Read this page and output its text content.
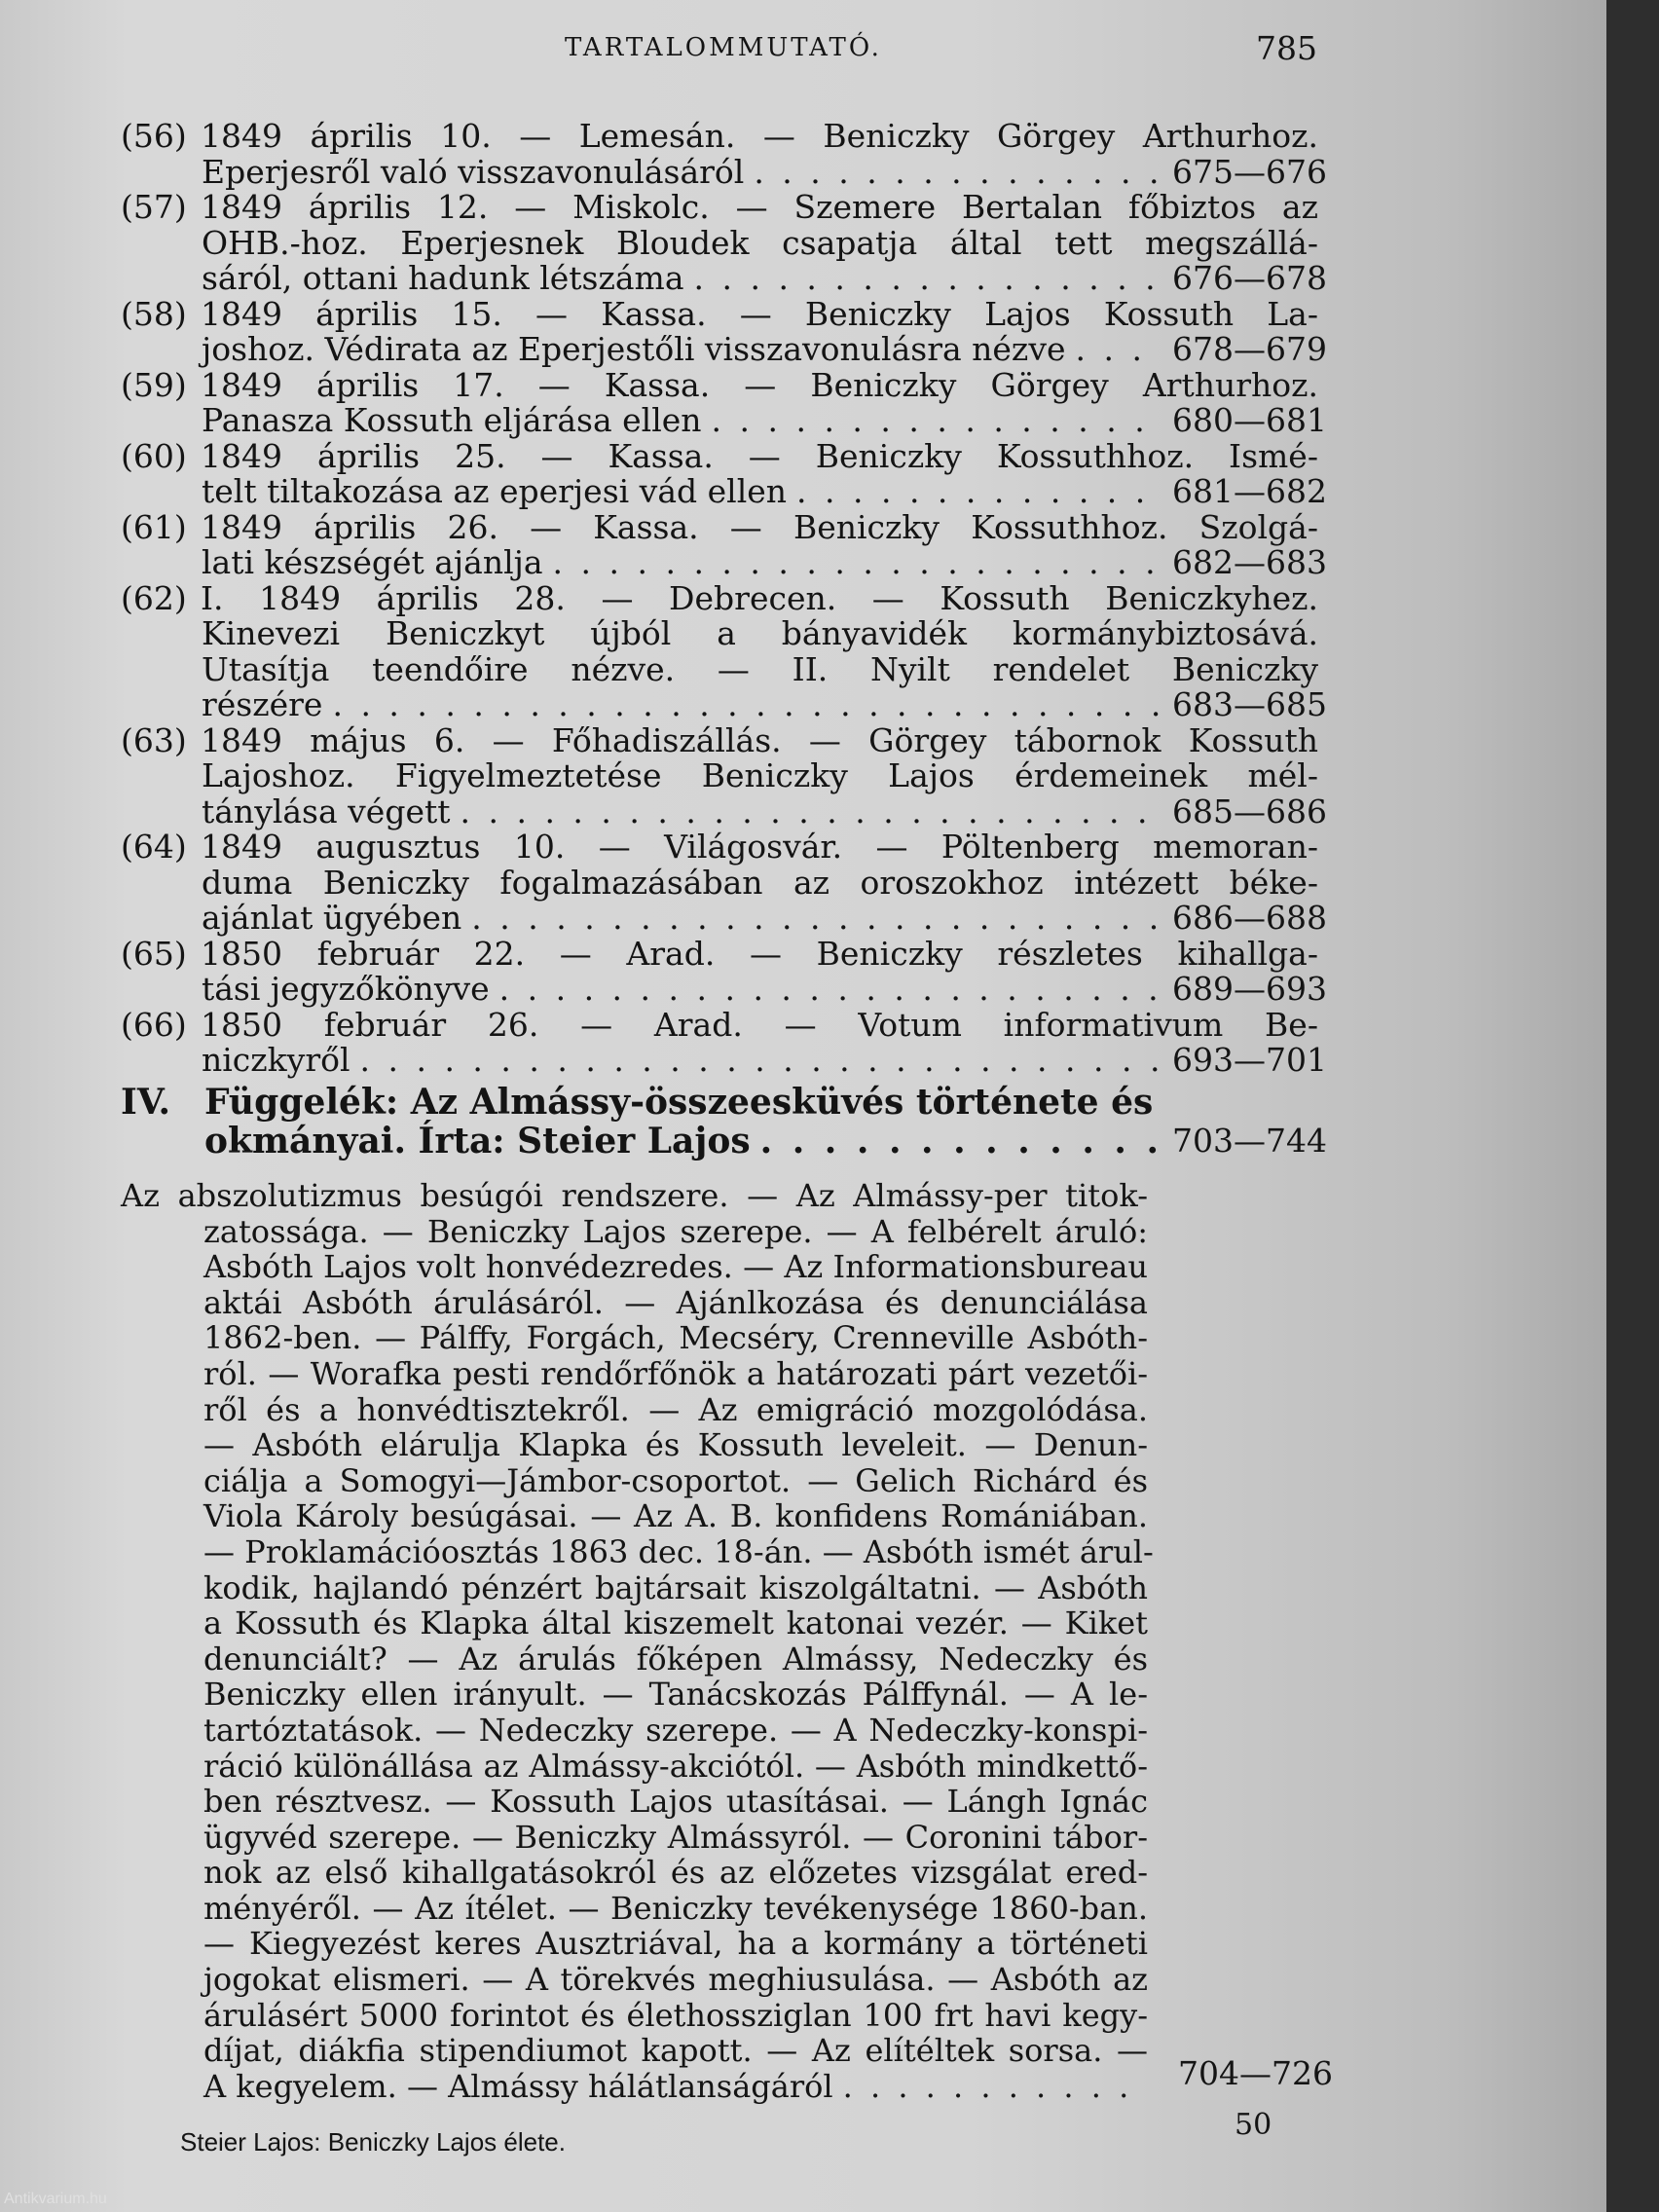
TARTALOMMUTATÓ.	785
(56) 1849 április 10. — Lemesán. — Beniczky Görgey Arthurhoz.
Eperjesről való visszavonulásáról . . .	675—676
(57) 1849 április 12. — Miskolc. — Szemere Bertalan főbiztos az
OHB.-hoz. Eperjesnek Bloudek csapatja által tett megszállá-
sáról, ottani hadunk létszáma . . .	676—678
(58) 1849 április 15. — Kassa. — Beniczky Lajos Kossuth La-
joshoz. Védirata az Eperjestőli visszavonulásra nézve . . .	678—679
(59) 1849 április 17. — Kassa. — Beniczky Görgey Arthurhoz.
Panasza Kossuth eljárása ellen . . .	680—681
(60) 1849 április 25. — Kassa. — Beniczky Kossuthhoz. Ismé-
telt tiltakozása az eperjesi vád ellen . . .	681—682
(61) 1849 április 26. — Kassa. — Beniczky Kossuthhoz. Szolgá-
lati készségét ajánlja . . .	682—683
(62) I. 1849 április 28. — Debrecen. — Kossuth Beniczkyhez.
Kinevezi Beniczkyt újból a bányavidék kormánybiztosává.
Utasítja teendőire nézve. — II. Nyilt rendelet Beniczky
részére . . .	683—685
(63) 1849 május 6. — Főhadiszállás. — Görgey tábornok Kossuth
Lajoshoz. Figyelmeztetése Beniczky Lajos érdemeinek mél-
tánylása végett . . .	685—686
(64) 1849 augusztus 10. — Világosvár. — Pöltenberg memoran-
duma Beniczky fogalmazásában az oroszokhoz intézett béke-
ajánlat ügyében . . .	686—688
(65) 1850 február 22. — Arad. — Beniczky részletes kihallga-
tási jegyzőkönyve . . .	689—693
(66) 1850 február 26. — Arad. — Votum informativum Be-
niczkyről . . .	693—701
IV. Függelék: Az Almássy-összeesküvés története és
okmányai. Írta: Steier Lajos . . .	703—744
Az abszolutizmus besúgói rendszere. — Az Almássy-per titok-
zatossága. — Beniczky Lajos szerepe. — A felbérelt áruló:
Asbóth Lajos volt honvédezredes. — Az Informationsbureau
aktái Asbóth árulásáról. — Ajánlkozása és denunciálása
1862-ben. — Pálffy, Forgách, Mecséry, Crenneville Asbóth-
ról. — Worafka pesti rendőrfőnök a határozati párt vezetői-
ről és a honvédtisztekről. — Az emigráció mozgolódása.
— Asbóth elárulja Klapka és Kossuth leveleit. — Denun-
ciálja a Somogyi—Jámbor-csoportot. — Gelich Richárd és
Viola Károly besúgásai. — Az A. B. konfidens Romániában.
— Proklamációosztás 1863 dec. 18-án. — Asbóth ismét árul-
kodik, hajlandó pénzért bajtársait kiszolgáltatni. — Asbóth
a Kossuth és Klapka által kiszemelt katonai vezér. — Kiket
denunciált? — Az árulás főképen Almássy, Nedeczky és
Beniczky ellen irányult. — Tanácskozás Pálffynál. — A le-
tartóztatások. — Nedeczky szerepe. — A Nedeczky-konspi-
ráció különállása az Almássy-akciótól. — Asbóth mindkettő-
ben résztvesz. — Kossuth Lajos utasításai. — Lángh Ignác
ügyvéd szerepe. — Beniczky Almássyról. — Coronini tábor-
nok az első kihallgatásokról és az előzetes vizsgálat ered-
ményéről. — Az ítélet. — Beniczky tevékenysége 1860-ban.
— Kiegyezést keres Ausztriával, ha a kormány a történeti
jogokat elismeri. — A törekvés meghiusulása. — Asbóth az
árulásért 5000 forintot és élethossziglan 100 frt havi kegy-
díjat, diákfia stipendiumot kapott. — Az elítéltek sorsa. —
A kegyelem. — Almássy hálátlanságáról . . .	704—726
50
Steier Lajos: Beniczky Lajos élete.
Antikvarium.hu
